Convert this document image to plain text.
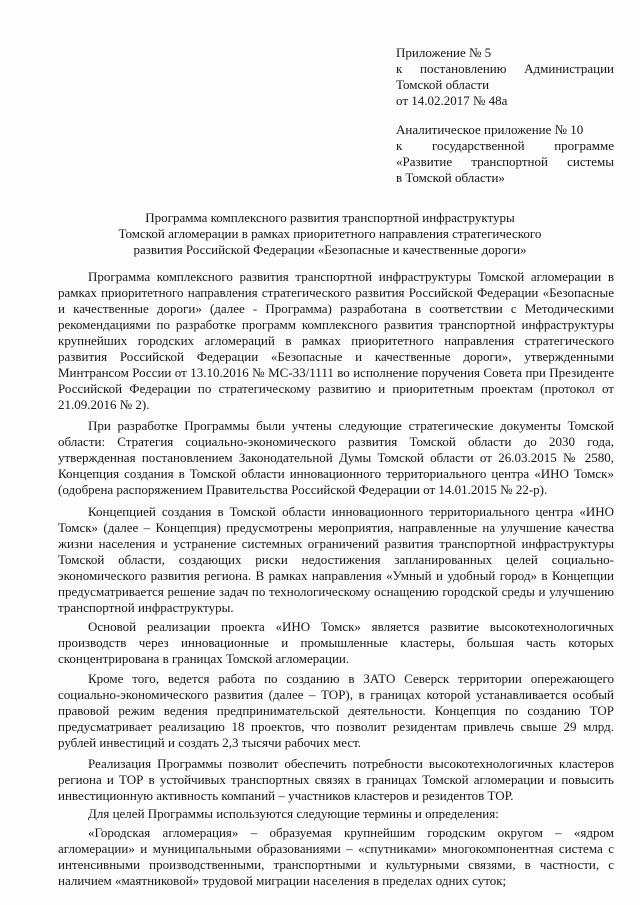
Приложение № 5
к постановлению Администрации
Томской области
от 14.02.2017 № 48а
Аналитическое приложение № 10
к государственной программе
«Развитие транспортной системы
в Томской области»
Программа комплексного развития транспортной инфраструктуры
Томской агломерации в рамках приоритетного направления стратегического
развития Российской Федерации «Безопасные и качественные дороги»
Программа комплексного развития транспортной инфраструктуры Томской агломерации в
рамках приоритетного направления стратегического развития Российской Федерации «Безопасные
и качественные дороги» (далее - Программа) разработана в соответствии с Методическими
рекомендациями по разработке программ комплексного развития транспортной инфраструктуры
крупнейших городских агломераций в рамках приоритетного направления стратегического
развития Российской Федерации «Безопасные и качественные дороги», утвержденными
Минтрансом России от 13.10.2016 № МС-33/1111 во исполнение поручения Совета при Президенте
Российской Федерации по стратегическому развитию и приоритетным проектам (протокол от
21.09.2016 № 2).
При разработке Программы были учтены следующие стратегические документы Томской
области: Стратегия социально-экономического развития Томской области до 2030 года,
утвержденная постановлением Законодательной Думы Томской области от 26.03.2015 № 2580,
Концепция создания в Томской области инновационного территориального центра «ИНО Томск»
(одобрена распоряжением Правительства Российской Федерации от 14.01.2015 № 22-р).
Концепцией создания в Томской области инновационного территориального центра «ИНО
Томск» (далее – Концепция) предусмотрены мероприятия, направленные на улучшение качества
жизни населения и устранение системных ограничений развития транспортной инфраструктуры
Томской области, создающих риски недостижения запланированных целей социально-
экономического развития региона. В рамках направления «Умный и удобный город» в Концепции
предусматривается решение задач по технологическому оснащению городской среды и улучшению
транспортной инфраструктуры.
Основой реализации проекта «ИНО Томск» является развитие высокотехнологичных
производств через инновационные и промышленные кластеры, большая часть которых
сконцентрирована в границах Томской агломерации.
Кроме того, ведется работа по созданию в ЗАТО Северск территории опережающего
социально-экономического развития (далее – ТОР), в границах которой устанавливается особый
правовой режим ведения предпринимательской деятельности. Концепция по созданию ТОР
предусматривает реализацию 18 проектов, что позволит резидентам привлечь свыше 29 млрд.
рублей инвестиций и создать 2,3 тысячи рабочих мест.
Реализация Программы позволит обеспечить потребности высокотехнологичных кластеров
региона и ТОР в устойчивых транспортных связях в границах Томской агломерации и повысить
инвестиционную активность компаний – участников кластеров и резидентов ТОР.
Для целей Программы используются следующие термины и определения:
«Городская агломерация» – образуемая крупнейшим городским округом – «ядром
агломерации» и муниципальными образованиями – «спутниками» многокомпонентная система с
интенсивными производственными, транспортными и культурными связями, в частности, с
наличием «маятниковой» трудовой миграции населения в пределах одних суток;
